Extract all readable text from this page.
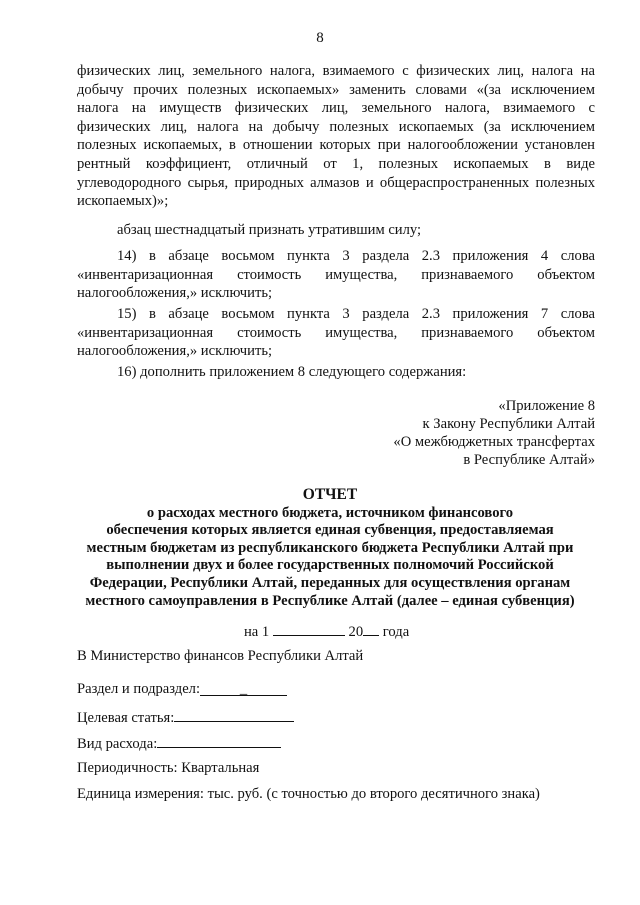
8

физических лиц, земельного налога, взимаемого с физических лиц, налога на добычу прочих полезных ископаемых» заменить словами «(за исключением налога на имуществ физических лиц, земельного налога, взимаемого с физических лиц, налога на добычу полезных ископаемых (за исключением полезных ископаемых, в отношении которых при налогообложении установлен рентный коэффициент, отличный от 1, полезных ископаемых в виде углеводородного сырья, природных алмазов и общераспространенных полезных ископаемых)»;

абзац шестнадцатый признать утратившим силу;

14) в абзаце восьмом пункта 3 раздела 2.3 приложения 4 слова «инвентаризационная стоимость имущества, признаваемого объектом налогообложения,» исключить;

15) в абзаце восьмом пункта 3 раздела 2.3 приложения 7 слова «инвентаризационная стоимость имущества, признаваемого объектом налогообложения,» исключить;

16) дополнить приложением 8 следующего содержания:

«Приложение 8
к Закону Республики Алтай
«О межбюджетных трансфертах
в Республике Алтай»
ОТЧЕТ
о расходах местного бюджета, источником финансового
обеспечения которых является единая субвенция, предоставляемая
местным бюджетам из республиканского бюджета Республики Алтай при
выполнении двух и более государственных полномочий Российской
Федерации, Республики Алтай, переданных для осуществления органам
местного самоуправления в Республике Алтай (далее – единая субвенция)
на 1	20 года
В Министерство финансов Республики Алтай
Раздел и подраздел:	_
Целевая статья:
Вид расхода:
Периодичность: Квартальная
Единица измерения: тыс. руб. (с точностью до второго десятичного знака)
